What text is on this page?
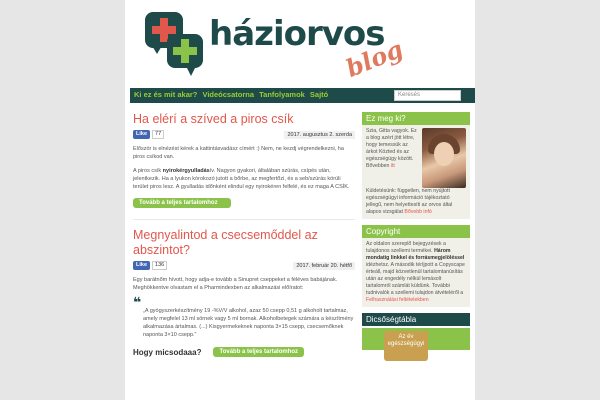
háziorvos
blog
Ki ez és mit akar? Videócsatorna Tanfolyamok Sajtó	Keresés
Ha elérí a szíved a piros csík
Like	77	2017. augusztus 2. szerda
Először is elnézést kérek a kattintásvadász címért :) Nem, ne kezdj végrendelkezni, ha piros csíkod van.
A piros csík nyirokérgyulladásív. Nagyon gyakori, általában szúrás, csípés után, jelentkezik. Ha a lyukon kórokozó jutott a bőrbe, az megfertőzi, és a seb/szúrás körüli terület piros lesz. A gyulladás időnként elindul egy nyirokéren felfelé, és ez maga A CSÍK.
Tovább a teljes tartalomhoz »
Megnyalintod a csecsemőddel az abszintot?
Like	136	2017. február 20. hétfő
Egy barátnőm hívott, hogy adja-e tovább a Sinupret cseppeket a féléves babájának. Meghökkentve olvastam el a Pharmindexben az alkalmazási előíratot:
❝
„A gyógyszerkészítmény 19 -%V/V alkohol, azaz 50 csepp 0,51 g alkoholt tartalmaz, amely megfelel 13 ml sörnek vagy 5 ml bornak. Alkoholbetegek számára a készítmény alkalmazása ártalmas. (...) Kisgyermekeknek naponta 3×15 csepp, csecsemőknek naponta 3×10 csepp.”
Hogy micsodaaa?	Tovább a teljes tartalomhoz
Ez meg ki?
Szia, Gitta vagyok. Ez a blog azért jött létre, hogy temessük az árkot Közted és az egészségügy között. Bővebben itt
Küldetésünk: független, nem nyújtott egészségügyi információ tájékoztató jellegű, nem helyettesíti az orvos által alapos vizsgálat Bővebb infó
Copyright
Az oldalon szereplő bejegyzések a tulajdonos szellemi termékei. Három mondatig linkkel és forrásmegjelöléssel idézhetsz. A második téríjpott a Copyscape érteáll, majd közvetlenül tartalomtanúsítás után az engedély nélkül lemásolt tartalomról számlát küldünk. További tudnivalók a szellemi tulajdon átvételéről a Felhasználási feltételekben
Dicsőségtábla
Az év egészségügyi
